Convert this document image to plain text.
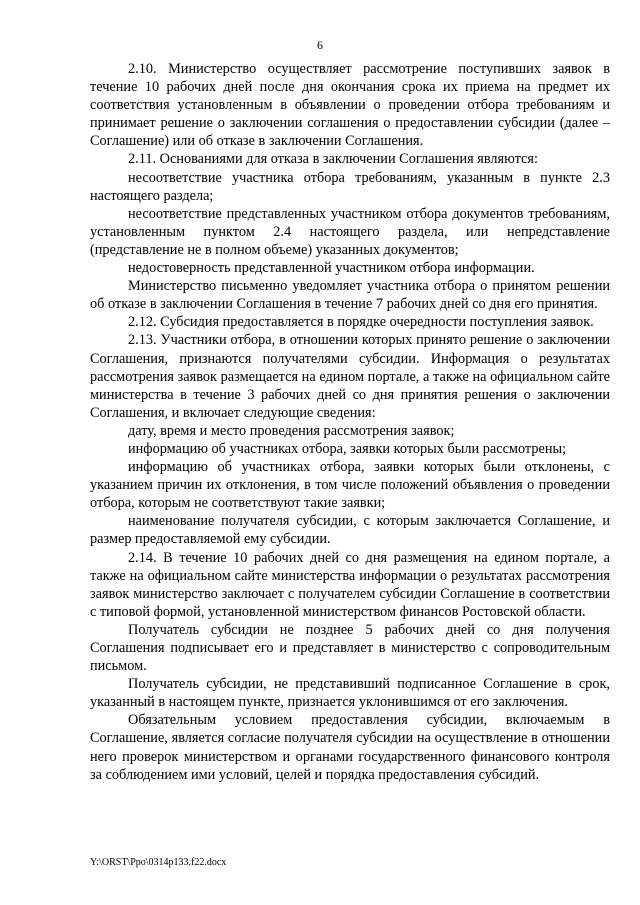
6

2.10. Министерство осуществляет рассмотрение поступивших заявок в течение 10 рабочих дней после дня окончания срока их приема на предмет их соответствия установленным в объявлении о проведении отбора требованиям и принимает решение о заключении соглашения о предоставлении субсидии (далее – Соглашение) или об отказе в заключении Соглашения.

2.11. Основаниями для отказа в заключении Соглашения являются:

несоответствие участника отбора требованиям, указанным в пункте 2.3 настоящего раздела;

несоответствие представленных участником отбора документов требованиям, установленным пунктом 2.4 настоящего раздела, или непредставление (представление не в полном объеме) указанных документов;

недостоверность представленной участником отбора информации.

Министерство письменно уведомляет участника отбора о принятом решении об отказе в заключении Соглашения в течение 7 рабочих дней со дня его принятия.

2.12. Субсидия предоставляется в порядке очередности поступления заявок.

2.13. Участники отбора, в отношении которых принято решение о заключении Соглашения, признаются получателями субсидии. Информация о результатах рассмотрения заявок размещается на едином портале, а также на официальном сайте министерства в течение 3 рабочих дней со дня принятия решения о заключении Соглашения, и включает следующие сведения:

дату, время и место проведения рассмотрения заявок;

информацию об участниках отбора, заявки которых были рассмотрены;

информацию об участниках отбора, заявки которых были отклонены, с указанием причин их отклонения, в том числе положений объявления о проведении отбора, которым не соответствуют такие заявки;

наименование получателя субсидии, с которым заключается Соглашение, и размер предоставляемой ему субсидии.

2.14. В течение 10 рабочих дней со дня размещения на едином портале, а также на официальном сайте министерства информации о результатах рассмотрения заявок министерство заключает с получателем субсидии Соглашение в соответствии с типовой формой, установленной министерством финансов Ростовской области.

Получатель субсидии не позднее 5 рабочих дней со дня получения Соглашения подписывает его и представляет в министерство с сопроводительным письмом.

Получатель субсидии, не представивший подписанное Соглашение в срок, указанный в настоящем пункте, признается уклонившимся от его заключения.

Обязательным условием предоставления субсидии, включаемым в Соглашение, является согласие получателя субсидии на осуществление в отношении него проверок министерством и органами государственного финансового контроля за соблюдением ими условий, целей и порядка предоставления субсидий.

Y:\ORST\Ppo\0314p133.f22.docx
